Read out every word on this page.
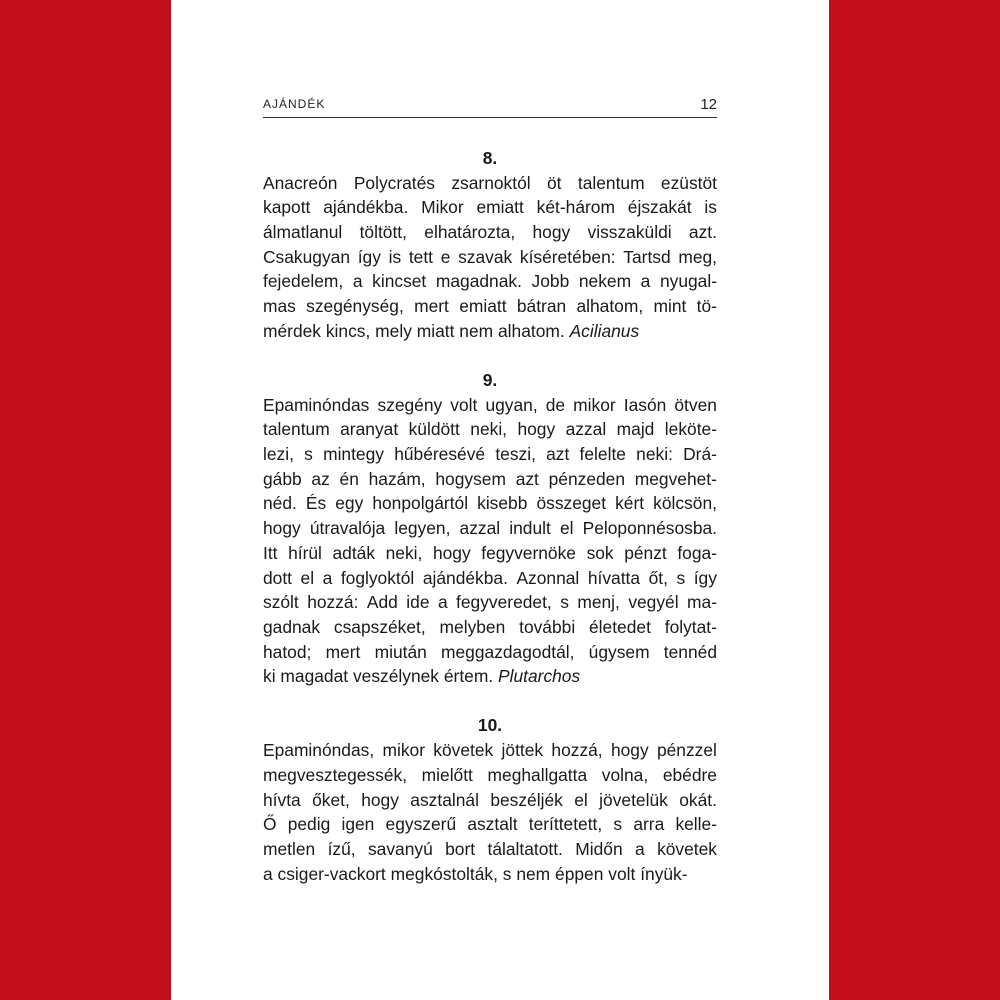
AJÁNDÉK	12
8.
Anacreón Polycratés zsarnoktól öt talentum ezüstöt
kapott ajándékba. Mikor emiatt két-három éjszakát is
álmatlanul töltött, elhatározta, hogy visszaküldi azt.
Csakugyan így is tett e szavak kíséretében: Tartsd meg,
fejedelem, a kincset magadnak. Jobb nekem a nyugal-
mas szegénység, mert emiatt bátran alhatom, mint tö-
mérdek kincs, mely miatt nem alhatom. Acilianus
9.
Epaminóndas szegény volt ugyan, de mikor Iasón ötven
talentum aranyat küldött neki, hogy azzal majd leköte-
lezi, s mintegy hűbéresévé teszi, azt felelte neki: Drá-
gább az én hazám, hogysem azt pénzeden megvehet-
néd. És egy honpolgártól kisebb összeget kért kölcsön,
hogy útravalója legyen, azzal indult el Peloponnésosba.
Itt hírül adták neki, hogy fegyvernöke sok pénzt foga-
dott el a foglyoktól ajándékba. Azonnal hívatta őt, s így
szólt hozzá: Add ide a fegyveredet, s menj, vegyél ma-
gadnak csapszéket, melyben további életedet folytat-
hatod; mert miután meggazdagodtál, úgysem tennéd
ki magadat veszélynek értem. Plutarchos
10.
Epaminóndas, mikor követek jöttek hozzá, hogy pénzzel
megvesztegessék, mielőtt meghallgatta volna, ebédre
hívta őket, hogy asztalnál beszéljék el jövetelük okát.
Ő pedig igen egyszerű asztalt teríttetett, s arra kelle-
metlen ízű, savanyú bort tálaltatott. Midőn a követek
a csiger-vackort megkóstolták, s nem éppen volt ínyük-
